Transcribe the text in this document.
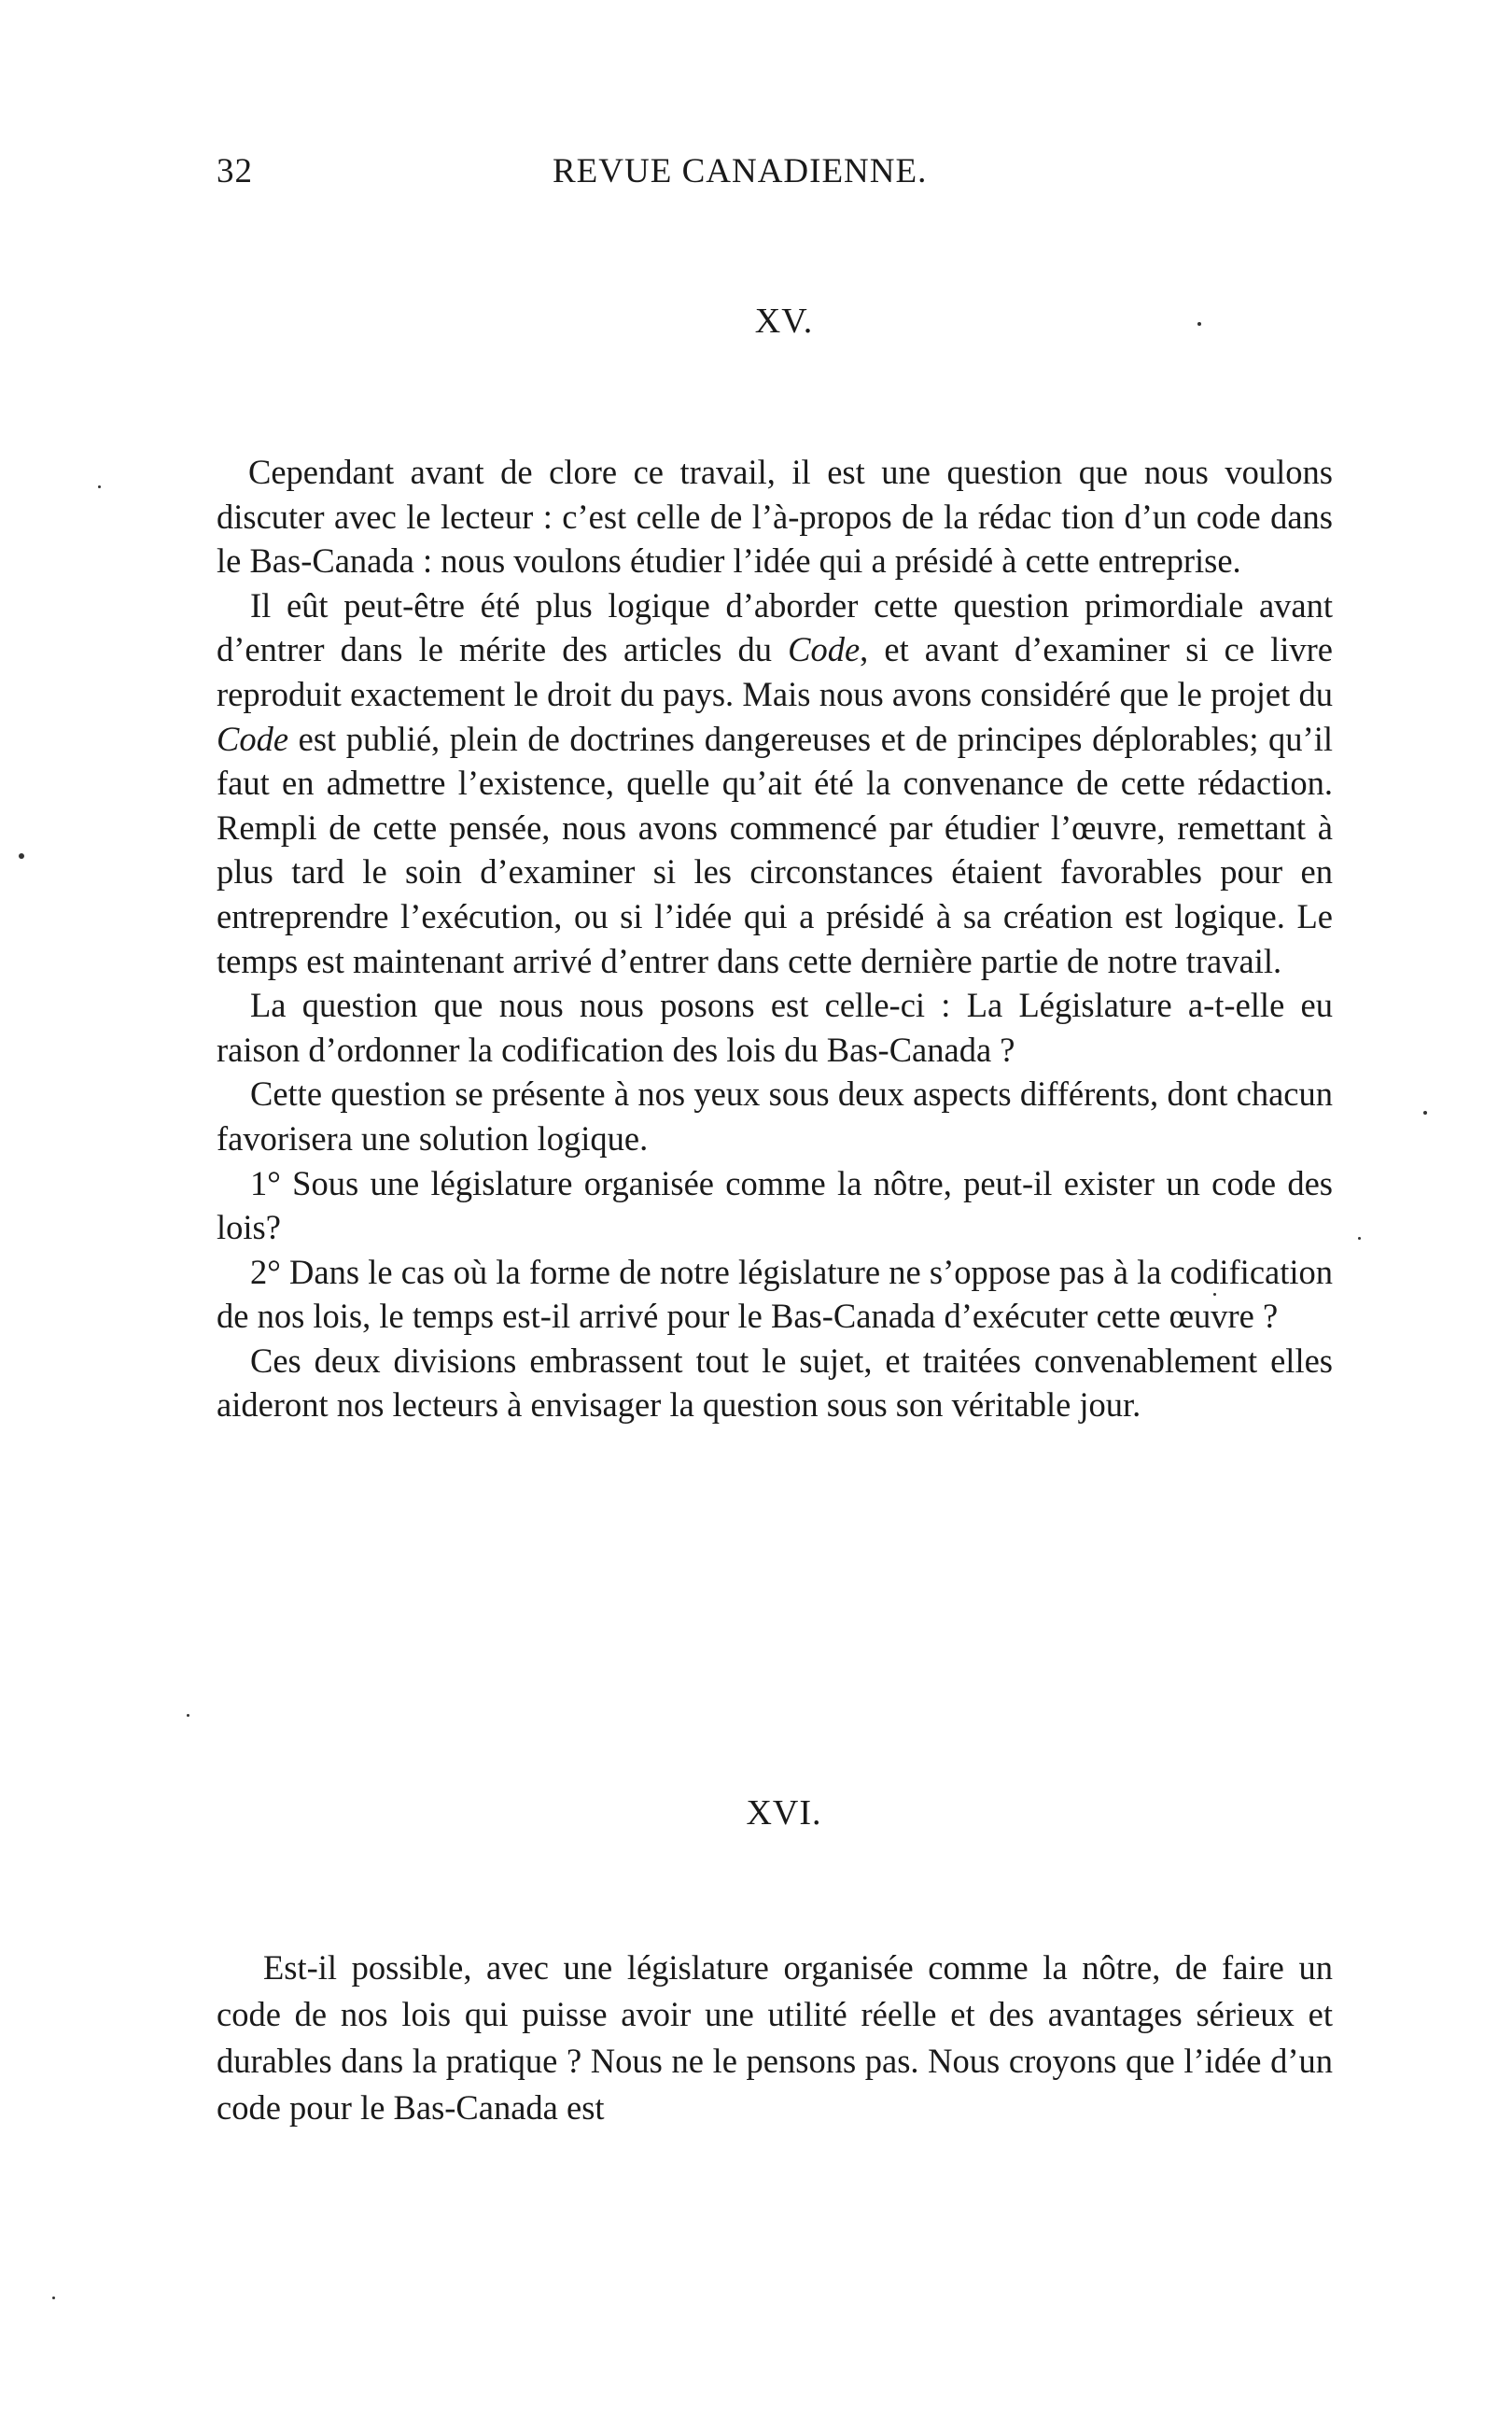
32	REVUE CANADIENNE.
XV.

Cependant avant de clore ce travail, il est une question que nous voulons discuter avec le lecteur : c’est celle de l’à-propos de la rédac tion d’un code dans le Bas-Canada : nous voulons étudier l’idée qui a présidé à cette entreprise.

Il eût peut-être été plus logique d’aborder cette question primordiale avant d’entrer dans le mérite des articles du Code, et avant d’examiner si ce livre reproduit exactement le droit du pays. Mais nous avons considéré que le projet du Code est publié, plein de doctrines dangereuses et de principes déplorables; qu’il faut en admettre l’existence, quelle qu’ait été la convenance de cette rédaction. Rempli de cette pensée, nous avons commencé par étudier l’œuvre, remettant à plus tard le soin d’examiner si les circonstances étaient favorables pour en entreprendre l’exécution, ou si l’idée qui a présidé à sa création est logique. Le temps est maintenant arrivé d’entrer dans cette dernière partie de notre travail.

La question que nous nous posons est celle-ci : La Législature a-t-elle eu raison d’ordonner la codification des lois du Bas-Canada ?

Cette question se présente à nos yeux sous deux aspects différents, dont chacun favorisera une solution logique.

1° Sous une législature organisée comme la nôtre, peut-il exister un code des lois?

2° Dans le cas où la forme de notre législature ne s’oppose pas à la codification de nos lois, le temps est-il arrivé pour le Bas-Canada d’exécuter cette œuvre ?

Ces deux divisions embrassent tout le sujet, et traitées convenablement elles aideront nos lecteurs à envisager la question sous son véritable jour.

XVI.

Est-il possible, avec une législature organisée comme la nôtre, de faire un code de nos lois qui puisse avoir une utilité réelle et des avantages sérieux et durables dans la pratique ? Nous ne le pensons pas. Nous croyons que l’idée d’un code pour le Bas-Canada est
